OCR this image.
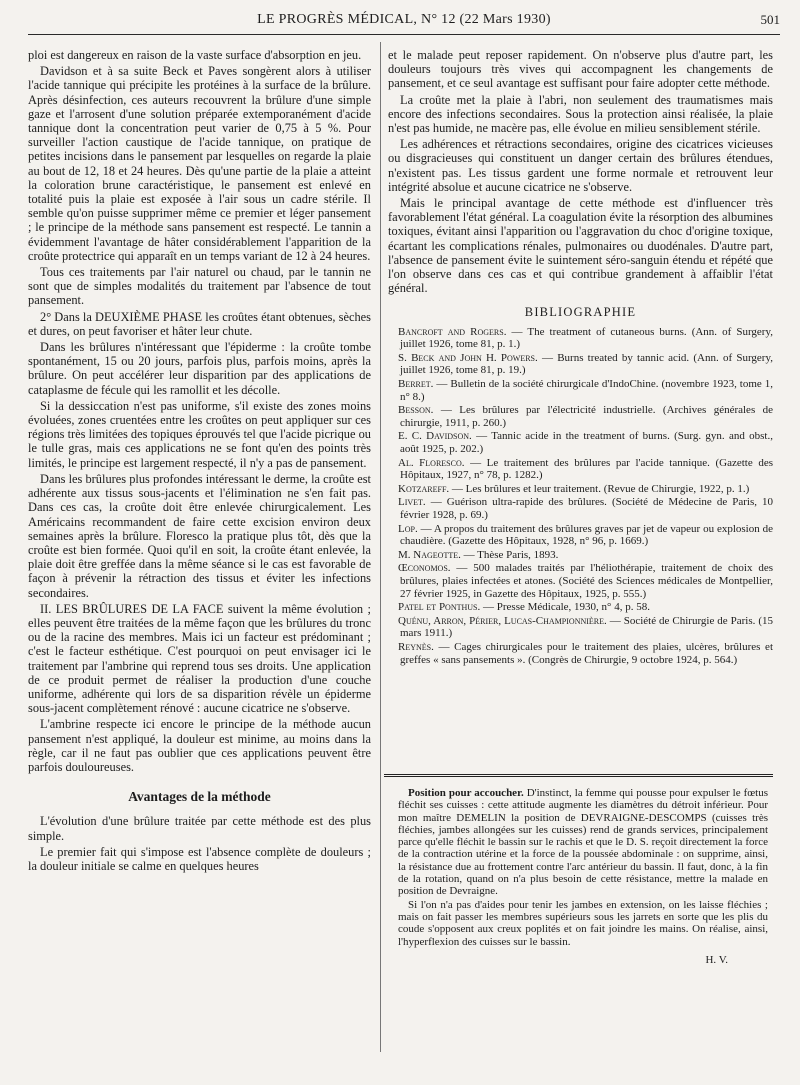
LE PROGRÈS MÉDICAL, N° 12 (22 Mars 1930)	501

ploi est dangereux en raison de la vaste surface d'absorption en jeu.

Davidson et à sa suite Beck et Paves songèrent alors à utiliser l'acide tannique qui précipite les protéines à la surface de la brûlure. Après désinfection, ces auteurs recouvrent la brûlure d'une simple gaze et l'arrosent d'une solution préparée extemporanément d'acide tannique dont la concentration peut varier de 0,75 à 5 %. Pour surveiller l'action caustique de l'acide tannique, on pratique de petites incisions dans le pansement par lesquelles on regarde la plaie au bout de 12, 18 et 24 heures. Dès qu'une partie de la plaie a atteint la coloration brune caractéristique, le pansement est enlevé en totalité puis la plaie est exposée à l'air sous un cadre stérile. Il semble qu'on puisse supprimer même ce premier et léger pansement ; le principe de la méthode sans pansement est respecté. Le tannin a évidemment l'avantage de hâter considérablement l'apparition de la croûte protectrice qui apparaît en un temps variant de 12 à 24 heures.

Tous ces traitements par l'air naturel ou chaud, par le tannin ne sont que de simples modalités du traitement par l'absence de tout pansement.

2° Dans la DEUXIÈME PHASE les croûtes étant obtenues, sèches et dures, on peut favoriser et hâter leur chute.

Dans les brûlures n'intéressant que l'épiderme : la croûte tombe spontanément, 15 ou 20 jours, parfois plus, parfois moins, après la brûlure. On peut accélérer leur disparition par des applications de cataplasme de fécule qui les ramollit et les décolle.

Si la dessiccation n'est pas uniforme, s'il existe des zones moins évoluées, zones cruentées entre les croûtes on peut appliquer sur ces régions très limitées des topiques éprouvés tel que l'acide picrique ou le tulle gras, mais ces applications ne se font qu'en des points très limités, le principe est largement respecté, il n'y a pas de pansement.

Dans les brûlures plus profondes intéressant le derme, la croûte est adhérente aux tissus sous-jacents et l'élimination ne s'en fait pas. Dans ces cas, la croûte doit être enlevée chirurgicalement. Les Américains recommandent de faire cette excision environ deux semaines après la brûlure. Floresco la pratique plus tôt, dès que la croûte est bien formée. Quoi qu'il en soit, la croûte étant enlevée, la plaie doit être greffée dans la même séance si le cas est favorable de façon à prévenir la rétraction des tissus et éviter les infections secondaires.

II. LES BRÛLURES DE LA FACE suivent la même évolution ; elles peuvent être traitées de la même façon que les brûlures du tronc ou de la racine des membres. Mais ici un facteur est prédominant ; c'est le facteur esthétique. C'est pourquoi on peut envisager ici le traitement par l'ambrine qui reprend tous ses droits. Une application de ce produit permet de réaliser la production d'une couche uniforme, adhérente qui lors de sa disparition révèle un épiderme sous-jacent complètement rénové : aucune cicatrice ne s'observe.

L'ambrine respecte ici encore le principe de la méthode aucun pansement n'est appliqué, la douleur est minime, au moins dans la règle, car il ne faut pas oublier que ces applications peuvent être parfois douloureuses.

Avantages de la méthode

L'évolution d'une brûlure traitée par cette méthode est des plus simple.

Le premier fait qui s'impose est l'absence complète de douleurs ; la douleur initiale se calme en quelques heures

et le malade peut reposer rapidement. On n'observe plus d'autre part, les douleurs toujours très vives qui accompagnent les changements de pansement, et ce seul avantage est suffisant pour faire adopter cette méthode.

La croûte met la plaie à l'abri, non seulement des traumatismes mais encore des infections secondaires. Sous la protection ainsi réalisée, la plaie n'est pas humide, ne macère pas, elle évolue en milieu sensiblement stérile.

Les adhérences et rétractions secondaires, origine des cicatrices vicieuses ou disgracieuses qui constituent un danger certain des brûlures étendues, n'existent pas. Les tissus gardent une forme normale et retrouvent leur intégrité absolue et aucune cicatrice ne s'observe.

Mais le principal avantage de cette méthode est d'influencer très favorablement l'état général. La coagulation évite la résorption des albumines toxiques, évitant ainsi l'apparition ou l'aggravation du choc d'origine toxique, écartant les complications rénales, pulmonaires ou duodénales. D'autre part, l'absence de pansement évite le suintement séro-sanguin étendu et répété que l'on observe dans ces cas et qui contribue grandement à affaiblir l'état général.

BIBLIOGRAPHIE
Bancroft and Rogers. — The treatment of cutaneous burns. (Ann. of Surgery, juillet 1926, tome 81, p. 1.)
S. Beck and John H. Powers. — Burns treated by tannic acid. (Ann. of Surgery, juillet 1926, tome 81, p. 19.)
Berret. — Bulletin de la société chirurgicale d'IndoChine. (novembre 1923, tome 1, n° 8.)
Besson. — Les brûlures par l'électricité industrielle. (Archives générales de chirurgie, 1911, p. 260.)
E. C. Davidson. — Tannic acide in the treatment of burns. (Surg. gyn. and obst., août 1925, p. 202.)
Al. Floresco. — Le traitement des brûlures par l'acide tannique. (Gazette des Hôpitaux, 1927, n° 78, p. 1282.)
Kotzareff. — Les brûlures et leur traitement. (Revue de Chirurgie, 1922, p. 1.)
Livet. — Guérison ultra-rapide des brûlures. (Société de Médecine de Paris, 10 février 1928, p. 69.)
Lop. — A propos du traitement des brûlures graves par jet de vapeur ou explosion de chaudière. (Gazette des Hôpitaux, 1928, n° 96, p. 1669.)
M. Nageotte. — Thèse Paris, 1893.
Œconomos. — 500 malades traités par l'héliothérapie, traitement de choix des brûlures, plaies infectées et atones. (Société des Sciences médicales de Montpellier, 27 février 1925, in Gazette des Hôpitaux, 1925, p. 555.)
Patel et Ponthus. — Presse Médicale, 1930, n° 4, p. 58.
Quénu, Arron, Périer, Lucas-Championnière. — Société de Chirurgie de Paris. (15 mars 1911.)
Reynès. — Cages chirurgicales pour le traitement des plaies, ulcères, brûlures et greffes « sans pansements ». (Congrès de Chirurgie, 9 octobre 1924, p. 564.)

Position pour accoucher. D'instinct, la femme qui pousse pour expulser le fœtus fléchit ses cuisses : cette attitude augmente les diamètres du détroit inférieur. Pour mon maître DEMELIN la position de DEVRAIGNE-DESCOMPS (cuisses très fléchies, jambes allongées sur les cuisses) rend de grands services, principalement parce qu'elle fléchit le bassin sur le rachis et que le D. S. reçoit directement la force de la contraction utérine et la force de la poussée abdominale : on supprime, ainsi, la résistance due au frottement contre l'arc antérieur du bassin. Il faut, donc, à la fin de la rotation, quand on n'a plus besoin de cette résistance, mettre la malade en position de Devraigne.

Si l'on n'a pas d'aides pour tenir les jambes en extension, on les laisse fléchies ; mais on fait passer les membres supérieurs sous les jarrets en sorte que les plis du coude s'opposent aux creux poplités et on fait joindre les mains. On réalise, ainsi, l'hyperflexion des cuisses sur le bassin.

H. V.
